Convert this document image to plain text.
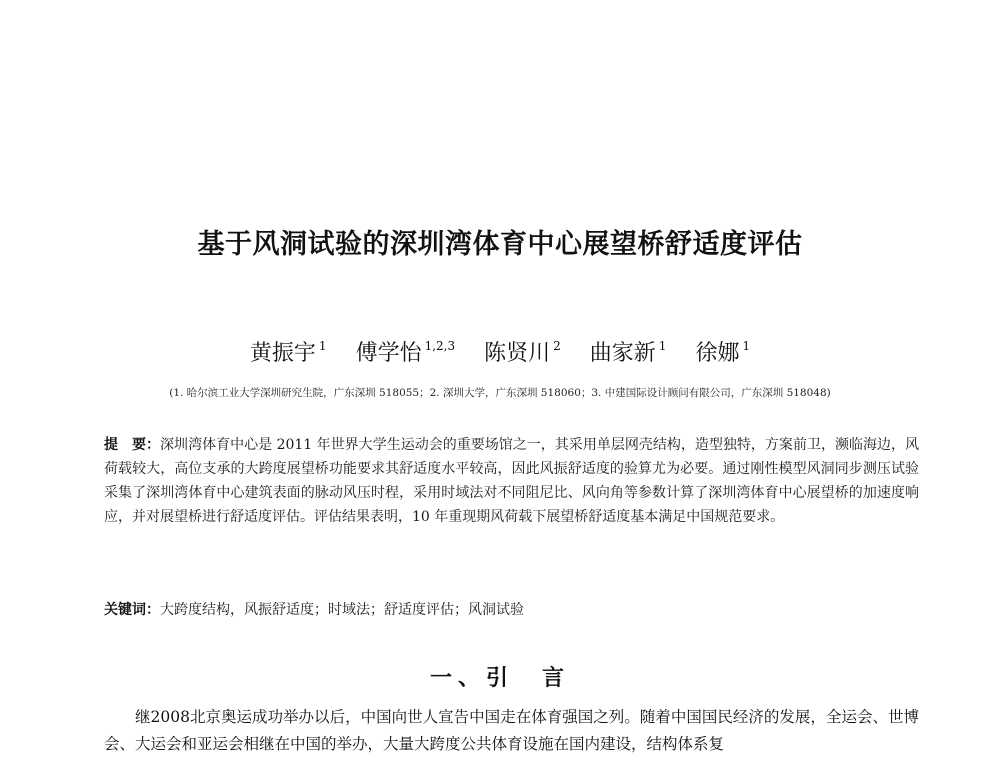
基于风洞试验的深圳湾体育中心展望桥舒适度评估
黄振宇 $^1$ 傅学怡 $^{1,2,3}$ 陈贤川 $^2$ 曲家新 $^1$ 徐娜 $^1$
(1. 哈尔滨工业大学深圳研究生院，广东深圳 518055；2. 深圳大学，广东深圳 518060；3. 中建国际设计顾问有限公司，广东深圳 518048)

提　要：深圳湾体育中心是 2011 年世界大学生运动会的重要场馆之一，其采用单层网壳结构，造型独特，方案前卫，濒临海边，风荷载较大，高位支承的大跨度展望桥功能要求其舒适度水平较高，因此风振舒适度的验算尤为必要。通过刚性模型风洞同步测压试验采集了深圳湾体育中心建筑表面的脉动风压时程，采用时域法对不同阻尼比、风向角等参数计算了深圳湾体育中心展望桥的加速度响应，并对展望桥进行舒适度评估。评估结果表明，10 年重现期风荷载下展望桥舒适度基本满足中国规范要求。

关键词：大跨度结构，风振舒适度；时域法；舒适度评估；风洞试验

一、引　言

继2008北京奥运成功举办以后，中国向世人宣告中国走在体育强国之列。随着中国国民经济的发展，全运会、世博会、大运会和亚运会相继在中国的举办，大量大跨度公共体育设施在国内建设，结构体系复
